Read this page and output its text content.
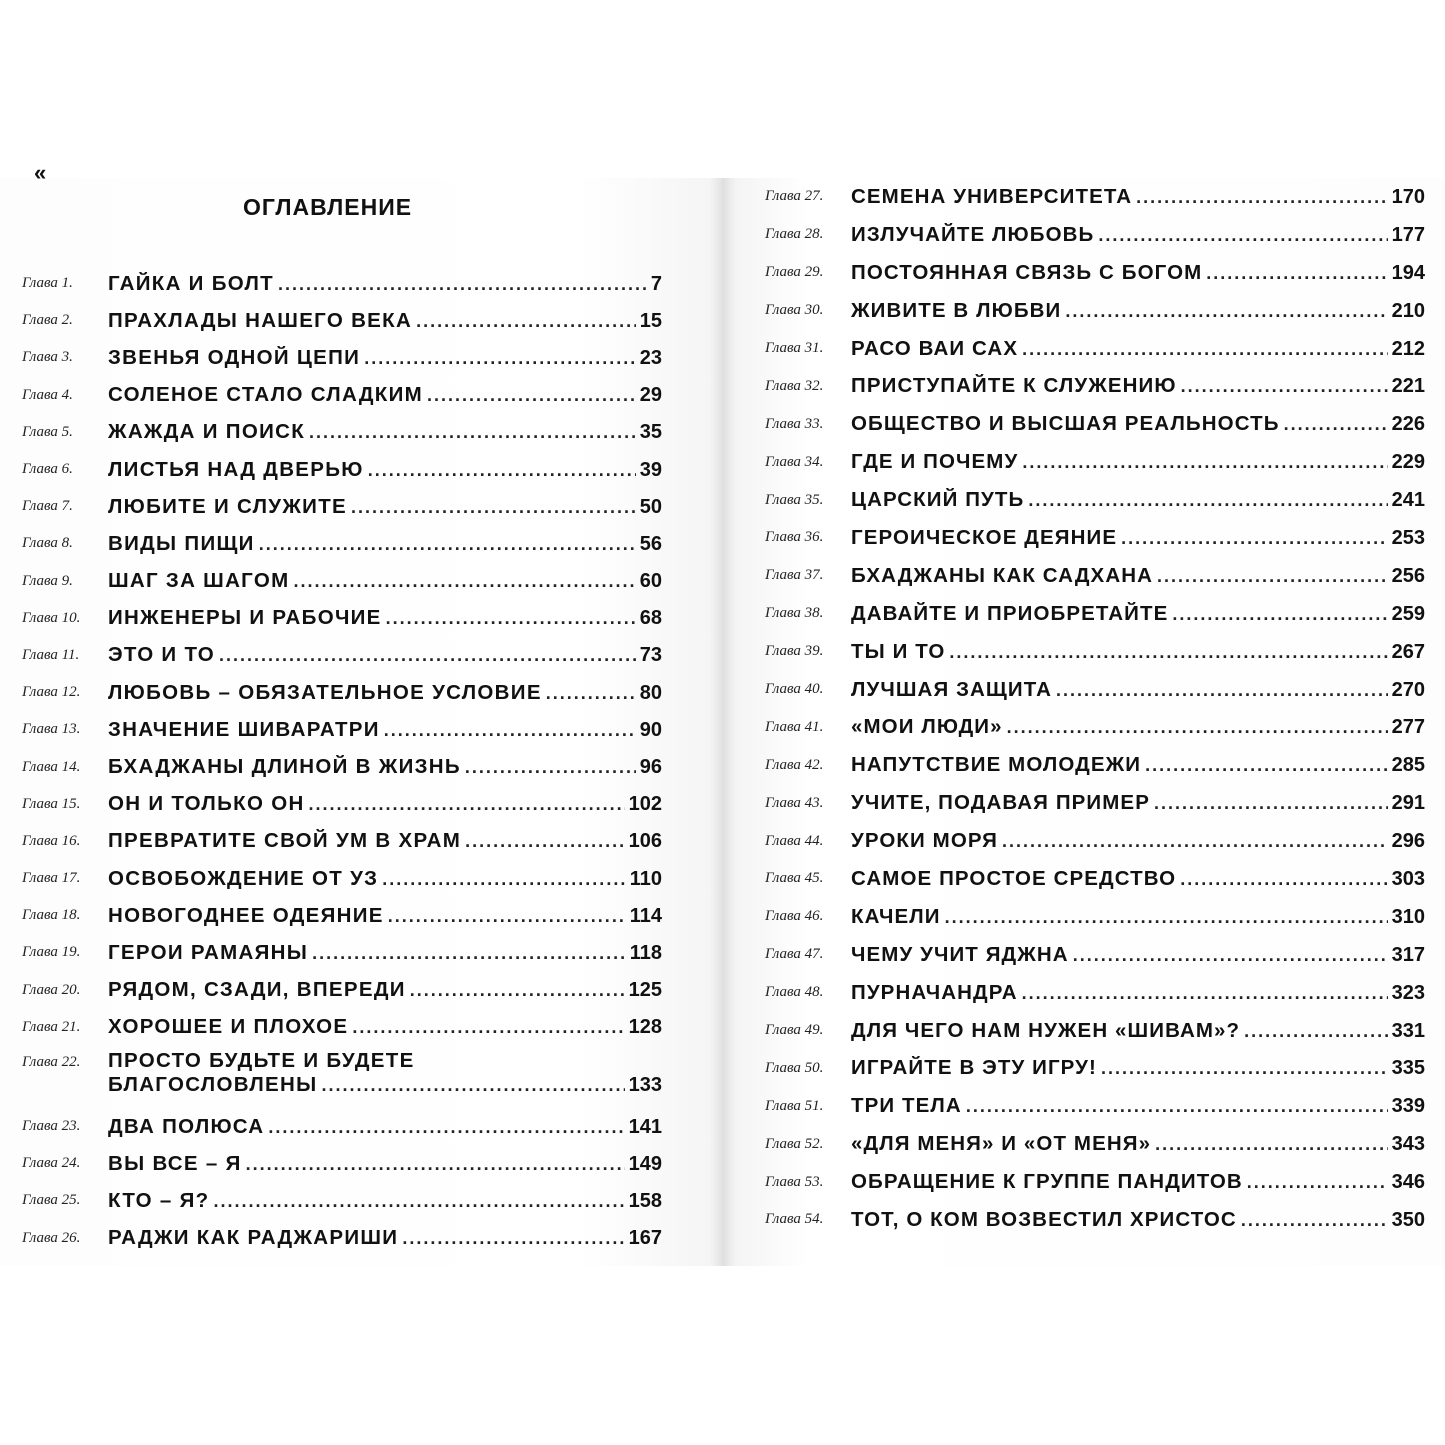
«
ОГЛАВЛЕНИЕ
Глава 1.	ГАЙКА И БОЛТ .....	7
Глава 2.	ПРАХЛАДЫ НАШЕГО ВЕКА .....	15
Глава 3.	ЗВЕНЬЯ ОДНОЙ ЦЕПИ .....	23
Глава 4.	СОЛЕНОЕ СТАЛО СЛАДКИМ .....	29
Глава 5.	ЖАЖДА И ПОИСК .....	35
Глава 6.	ЛИСТЬЯ НАД ДВЕРЬЮ .....	39
Глава 7.	ЛЮБИТЕ И СЛУЖИТЕ .....	50
Глава 8.	ВИДЫ ПИЩИ .....	56
Глава 9.	ШАГ ЗА ШАГОМ .....	60
Глава 10.	ИНЖЕНЕРЫ И РАБОЧИЕ .....	68
Глава 11.	ЭТО И ТО .....	73
Глава 12.	ЛЮБОВЬ – ОБЯЗАТЕЛЬНОЕ УСЛОВИЕ .....	80
Глава 13.	ЗНАЧЕНИЕ ШИВАРАТРИ .....	90
Глава 14.	БХАДЖАНЫ ДЛИНОЙ В ЖИЗНЬ .....	96
Глава 15.	ОН И ТОЛЬКО ОН .....	102
Глава 16.	ПРЕВРАТИТЕ СВОЙ УМ В ХРАМ .....	106
Глава 17.	ОСВОБОЖДЕНИЕ ОТ УЗ .....	110
Глава 18.	НОВОГОДНЕЕ ОДЕЯНИЕ .....	114
Глава 19.	ГЕРОИ РАМАЯНЫ .....	118
Глава 20.	РЯДОМ, СЗАДИ, ВПЕРЕДИ .....	125
Глава 21.	ХОРОШЕЕ И ПЛОХОЕ .....	128
Глава 22.	ПРОСТО БУДЬТЕ И БУДЕТЕ
БЛАГОСЛОВЛЕНЫ .....	133
Глава 23.	ДВА ПОЛЮСА .....	141
Глава 24.	ВЫ ВСЕ – Я .....	149
Глава 25.	КТО – Я? .....	158
Глава 26.	РАДЖИ КАК РАДЖАРИШИ .....	167
Глава 27.	СЕМЕНА УНИВЕРСИТЕТА .....	170
Глава 28.	ИЗЛУЧАЙТЕ ЛЮБОВЬ .....	177
Глава 29.	ПОСТОЯННАЯ СВЯЗЬ С БОГОМ .....	194
Глава 30.	ЖИВИТЕ В ЛЮБВИ .....	210
Глава 31.	РАСО ВАИ САХ .....	212
Глава 32.	ПРИСТУПАЙТЕ К СЛУЖЕНИЮ .....	221
Глава 33.	ОБЩЕСТВО И ВЫСШАЯ РЕАЛЬНОСТЬ .....	226
Глава 34.	ГДЕ И ПОЧЕМУ .....	229
Глава 35.	ЦАРСКИЙ ПУТЬ .....	241
Глава 36.	ГЕРОИЧЕСКОЕ ДЕЯНИЕ .....	253
Глава 37.	БХАДЖАНЫ КАК САДХАНА .....	256
Глава 38.	ДАВАЙТЕ И ПРИОБРЕТАЙТЕ .....	259
Глава 39.	ТЫ И ТО .....	267
Глава 40.	ЛУЧШАЯ ЗАЩИТА .....	270
Глава 41.	«МОИ ЛЮДИ» .....	277
Глава 42.	НАПУТСТВИЕ МОЛОДЕЖИ .....	285
Глава 43.	УЧИТЕ, ПОДАВАЯ ПРИМЕР .....	291
Глава 44.	УРОКИ МОРЯ .....	296
Глава 45.	САМОЕ ПРОСТОЕ СРЕДСТВО .....	303
Глава 46.	КАЧЕЛИ .....	310
Глава 47.	ЧЕМУ УЧИТ ЯДЖНА .....	317
Глава 48.	ПУРНАЧАНДРА .....	323
Глава 49.	ДЛЯ ЧЕГО НАМ НУЖЕН «ШИВАМ»? .....	331
Глава 50.	ИГРАЙТЕ В ЭТУ ИГРУ! .....	335
Глава 51.	ТРИ ТЕЛА .....	339
Глава 52.	«ДЛЯ МЕНЯ» И «ОТ МЕНЯ» .....	343
Глава 53.	ОБРАЩЕНИЕ К ГРУППЕ ПАНДИТОВ .....	346
Глава 54.	ТОТ, О КОМ ВОЗВЕСТИЛ ХРИСТОС .....	350
